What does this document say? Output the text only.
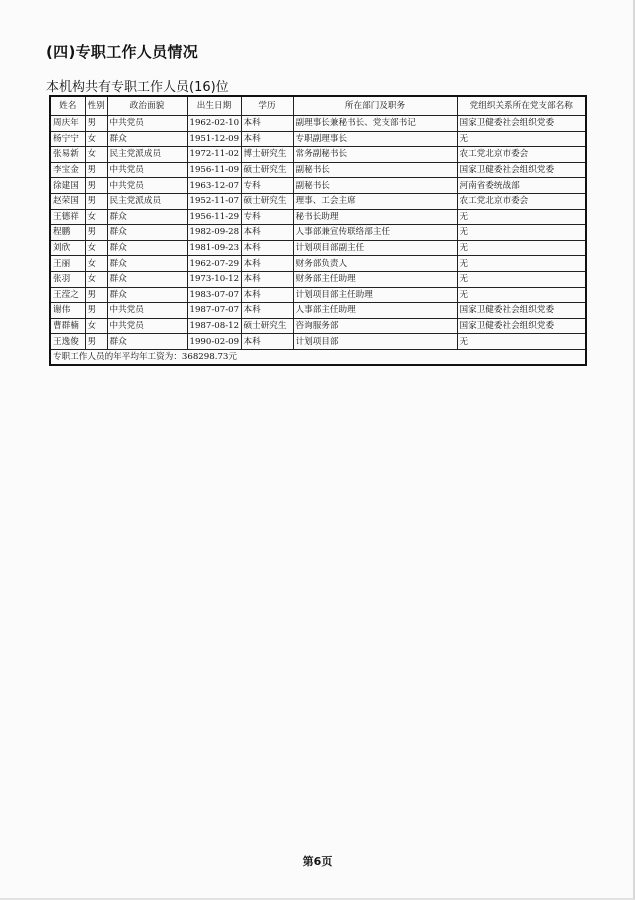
(四)专职工作人员情况
本机构共有专职工作人员(16)位
姓名	性别	政治面貌	出生日期	学历	所在部门及职务	党组织关系所在党支部名称
周庆年	男	中共党员	1962-02-10	本科	副理事长兼秘书长、党支部书记	国家卫健委社会组织党委
杨宁宁	女	群众	1951-12-09	本科	专职副理事长	无
张易新	女	民主党派成员	1972-11-02	博士研究生	常务副秘书长	农工党北京市委会
李宝金	男	中共党员	1956-11-09	硕士研究生	副秘书长	国家卫健委社会组织党委
徐建国	男	中共党员	1963-12-07	专科	副秘书长	河南省委统战部
赵荣国	男	民主党派成员	1952-11-07	硕士研究生	理事、工会主席	农工党北京市委会
王德祥	女	群众	1956-11-29	专科	秘书长助理	无
程鹏	男	群众	1982-09-28	本科	人事部兼宣传联络部主任	无
刘欣	女	群众	1981-09-23	本科	计划项目部副主任	无
王丽	女	群众	1962-07-29	本科	财务部负责人	无
张羽	女	群众	1973-10-12	本科	财务部主任助理	无
王滢之	男	群众	1983-07-07	本科	计划项目部主任助理	无
谢伟	男	中共党员	1987-07-07	本科	人事部主任助理	国家卫健委社会组织党委
曹群楠	女	中共党员	1987-08-12	硕士研究生	咨询服务部	国家卫健委社会组织党委
王逸俊	男	群众	1990-02-09	本科	计划项目部	无
专职工作人员的年平均年工资为：368298.73元						
第6页
